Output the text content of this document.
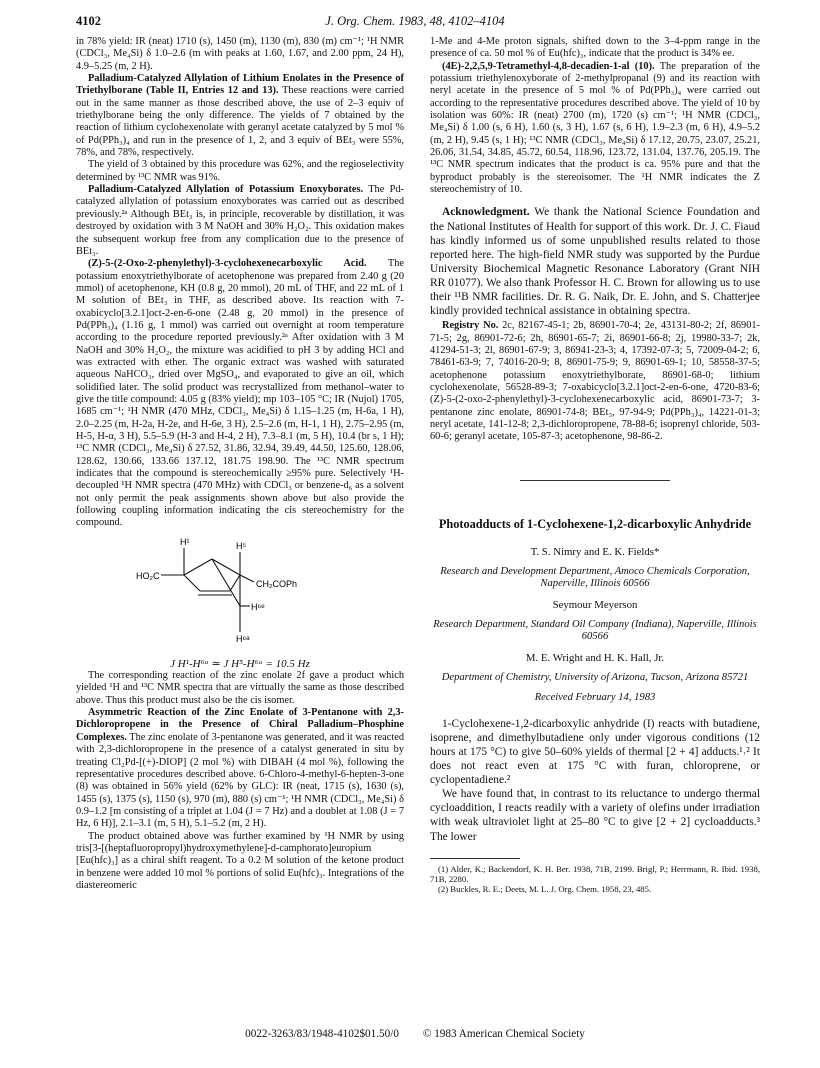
4102	J. Org. Chem. 1983, 48, 4102–4104

in 78% yield: IR (neat) 1710 (s), 1450 (m), 1130 (m), 830 (m) cm⁻¹; ¹H NMR (CDCl₃, Me₄Si) δ 1.0–2.6 (m with peaks at 1.60, 1.67, and 2.00 ppm, 24 H), 4.9–5.25 (m, 2 H).

Palladium-Catalyzed Allylation of Lithium Enolates in the Presence of Triethylborane (Table II, Entries 12 and 13). These reactions were carried out in the same manner as those described above, the use of 2–3 equiv of triethylborane being the only difference. The yields of 7 obtained by the reaction of lithium cyclohexenolate with geranyl acetate catalyzed by 5 mol % of Pd(PPh₃)₄ and run in the presence of 1, 2, and 3 equiv of BEt₃ were 55%, 78%, and 78%, respectively.

The yield of 3 obtained by this procedure was 62%, and the regioselectivity determined by ¹³C NMR was 91%.

Palladium-Catalyzed Allylation of Potassium Enoxyborates. The Pd-catalyzed allylation of potassium enoxyborates was carried out as described previously.²ᵃ Although BEt₃ is, in principle, recoverable by distillation, it was destroyed by oxidation with 3 M NaOH and 30% H₂O₂. This oxidation makes the subsequent workup free from any complication due to the presence of BEt₃.

(Z)-5-(2-Oxo-2-phenylethyl)-3-cyclohexenecarboxylic Acid. The potassium enoxytriethylborate of acetophenone was prepared from 2.40 g (20 mmol) of acetophenone, KH (0.8 g, 20 mmol), 20 mL of THF, and 22 mL of 1 M solution of BEt₃ in THF, as described above. Its reaction with 7-oxabicyclo[3.2.1]oct-2-en-6-one (2.48 g, 20 mmol) in the presence of Pd(PPh₃)₄ (1.16 g, 1 mmol) was carried out overnight at room temperature according to the procedure reported previously.²ᵃ After oxidation with 3 M NaOH and 30% H₂O₂, the mixture was acidified to pH 3 by adding HCl and was extracted with ether. The organic extract was washed with saturated aqueous NaHCO₃, dried over MgSO₄, and evaporated to give an oil, which solidified later. The solid product was recrystallized from methanol–water to give the title compound: 4.05 g (83% yield); mp 103–105 °C; IR (Nujol) 1705, 1685 cm⁻¹; ¹H NMR (470 MHz, CDCl₃, Me₄Si) δ 1.15–1.25 (m, H-6a, 1 H), 2.0–2.25 (m, H-2a, H-2e, and H-6e, 3 H), 2.5–2.6 (m, H-1, 1 H), 2.75–2.95 (m, H-5, H-α, 3 H), 5.5–5.9 (H-3 and H-4, 2 H), 7.3–8.1 (m, 5 H), 10.4 (br s, 1 H); ¹³C NMR (CDCl₃, Me₄Si) δ 27.52, 31.86, 32.94, 39.49, 44.50, 125.60, 128.06, 128.62, 130.66, 133.66 137.12, 181.75 198.90. The ¹³C NMR spectrum indicates that the compound is stereochemically ≥95% pure. Selectively ¹H-decoupled ¹H NMR spectra (470 MHz) with CDCl₃ or benzene-d₆ as a solvent not only permit the peak assignments shown above but also provide the following coupling information indicating the cis stereochemistry for the compound.

H¹
HO₂C
H⁵
CH₂COPh
H⁶ᵉ
H⁶ᵃ

J H¹-H⁶ᵃ ≃ J H⁵-H⁶ᵃ = 10.5 Hz

The corresponding reaction of the zinc enolate 2f gave a product which yielded ¹H and ¹³C NMR spectra that are virtually the same as those described above. Thus this product must also be the cis isomer.

Asymmetric Reaction of the Zinc Enolate of 3-Pentanone with 2,3-Dichloropropene in the Presence of Chiral Palladium–Phosphine Complexes. The zinc enolate of 3-pentanone was generated, and it was reacted with 2,3-dichloropropene in the presence of a catalyst generated in situ by treating Cl₂Pd-[(+)-DIOP] (2 mol %) with DIBAH (4 mol %), following the representative procedures described above. 6-Chloro-4-methyl-6-hepten-3-one (8) was obtained in 56% yield (62% by GLC): IR (neat, 1715 (s), 1630 (s), 1455 (s), 1375 (s), 1150 (s), 970 (m), 880 (s) cm⁻¹; ¹H NMR (CDCl₃, Me₄Si) δ 0.9–1.2 [m consisting of a triplet at 1.04 (J = 7 Hz) and a doublet at 1.08 (J = 7 Hz, 6 H)], 2.1–3.1 (m, 5 H), 5.1–5.2 (m, 2 H).

The product obtained above was further examined by ¹H NMR by using tris[3-[(heptafluoropropyl)hydroxymethylene]-d-camphorato]europium [Eu(hfc)₃] as a chiral shift reagent. To a 0.2 M solution of the ketone product in benzene were added 10 mol % portions of solid Eu(hfc)₃. Integrations of the diastereomeric

1-Me and 4-Me proton signals, shifted down to the 3–4-ppm range in the presence of ca. 50 mol % of Eu(hfc)₃, indicate that the product is 34% ee.

(4E)-2,2,5,9-Tetramethyl-4,8-decadien-1-al (10). The preparation of the potassium triethylenoxyborate of 2-methylpropanal (9) and its reaction with neryl acetate in the presence of 5 mol % of Pd(PPh₃)₄ were carried out according to the representative procedures described above. The yield of 10 by isolation was 60%: IR (neat) 2700 (m), 1720 (s) cm⁻¹; ¹H NMR (CDCl₃, Me₄Si) δ 1.00 (s, 6 H), 1.60 (s, 3 H), 1.67 (s, 6 H), 1.9–2.3 (m, 6 H), 4.9–5.2 (m, 2 H), 9.45 (s, 1 H); ¹³C NMR (CDCl₃, Me₄Si) δ 17.12, 20.75, 23.07, 25.21, 26.06, 31.54, 34.85, 45.72, 60.54, 118.96, 123.72, 131.04, 137.76, 205.19. The ¹³C NMR spectrum indicates that the product is ca. 95% pure and that the byproduct probably is the stereoisomer. The ¹H NMR indicates the Z stereochemistry of 10.

Acknowledgment. We thank the National Science Foundation and the National Institutes of Health for support of this work. Dr. J. C. Fiaud has kindly informed us of some unpublished results related to those reported here. The high-field NMR study was supported by the Purdue University Biochemical Magnetic Resonance Laboratory (Grant NIH RR 01077). We also thank Professor H. C. Brown for allowing us to use their ¹¹B NMR facilities. Dr. R. G. Naik, Dr. E. John, and S. Chatterjee kindly provided technical assistance in obtaining spectra.

Registry No. 2c, 82167-45-1; 2b, 86901-70-4; 2e, 43131-80-2; 2f, 86901-71-5; 2g, 86901-72-6; 2h, 86901-65-7; 2i, 86901-66-8; 2j, 19980-33-7; 2k, 41294-51-3; 2l, 86901-67-9; 3, 86941-23-3; 4, 17392-07-3; 5, 72009-04-2; 6, 78461-63-9; 7, 74016-20-9; 8, 86901-75-9; 9, 86901-69-1; 10, 58558-37-5; acetophenone potassium enoxytriethylborate, 86901-68-0; lithium cyclohexenolate, 56528-89-3; 7-oxabicyclo[3.2.1]oct-2-en-6-one, 4720-83-6; (Z)-5-(2-oxo-2-phenylethyl)-3-cyclohexenecarboxylic acid, 86901-73-7; 3-pentanone zinc enolate, 86901-74-8; BEt₃, 97-94-9; Pd(PPh₃)₄, 14221-01-3; neryl acetate, 141-12-8; 2,3-dichloropropene, 78-88-6; isoprenyl chloride, 503-60-6; geranyl acetate, 105-87-3; acetophenone, 98-86-2.

Photoadducts of 1-Cyclohexene-1,2-dicarboxylic Anhydride

T. S. Nimry and E. K. Fields*

Research and Development Department, Amoco Chemicals Corporation, Naperville, Illinois 60566

Seymour Meyerson

Research Department, Standard Oil Company (Indiana), Naperville, Illinois 60566

M. E. Wright and H. K. Hall, Jr.

Department of Chemistry, University of Arizona, Tucson, Arizona 85721

Received February 14, 1983

1-Cyclohexene-1,2-dicarboxylic anhydride (I) reacts with butadiene, isoprene, and dimethylbutadiene only under vigorous conditions (12 hours at 175 °C) to give 50–60% yields of thermal [2 + 4] adducts.¹˒² It does not react even at 175 °C with furan, chloroprene, or cyclopentadiene.²

We have found that, in contrast to its reluctance to undergo thermal cycloaddition, I reacts readily with a variety of olefins under irradiation with weak ultraviolet light at 25–80 °C to give [2 + 2] cycloadducts.³ The lower

(1) Alder, K.; Backendorf, K. H. Ber. 1938, 71B, 2199. Brigl, P.; Herrmann, R. Ibid. 1938, 71B, 2280.

(2) Buckles, R. E.; Deets, M. L. J. Org. Chem. 1958, 23, 485.

0022-3263/83/1948-4102$01.50/0 © 1983 American Chemical Society
